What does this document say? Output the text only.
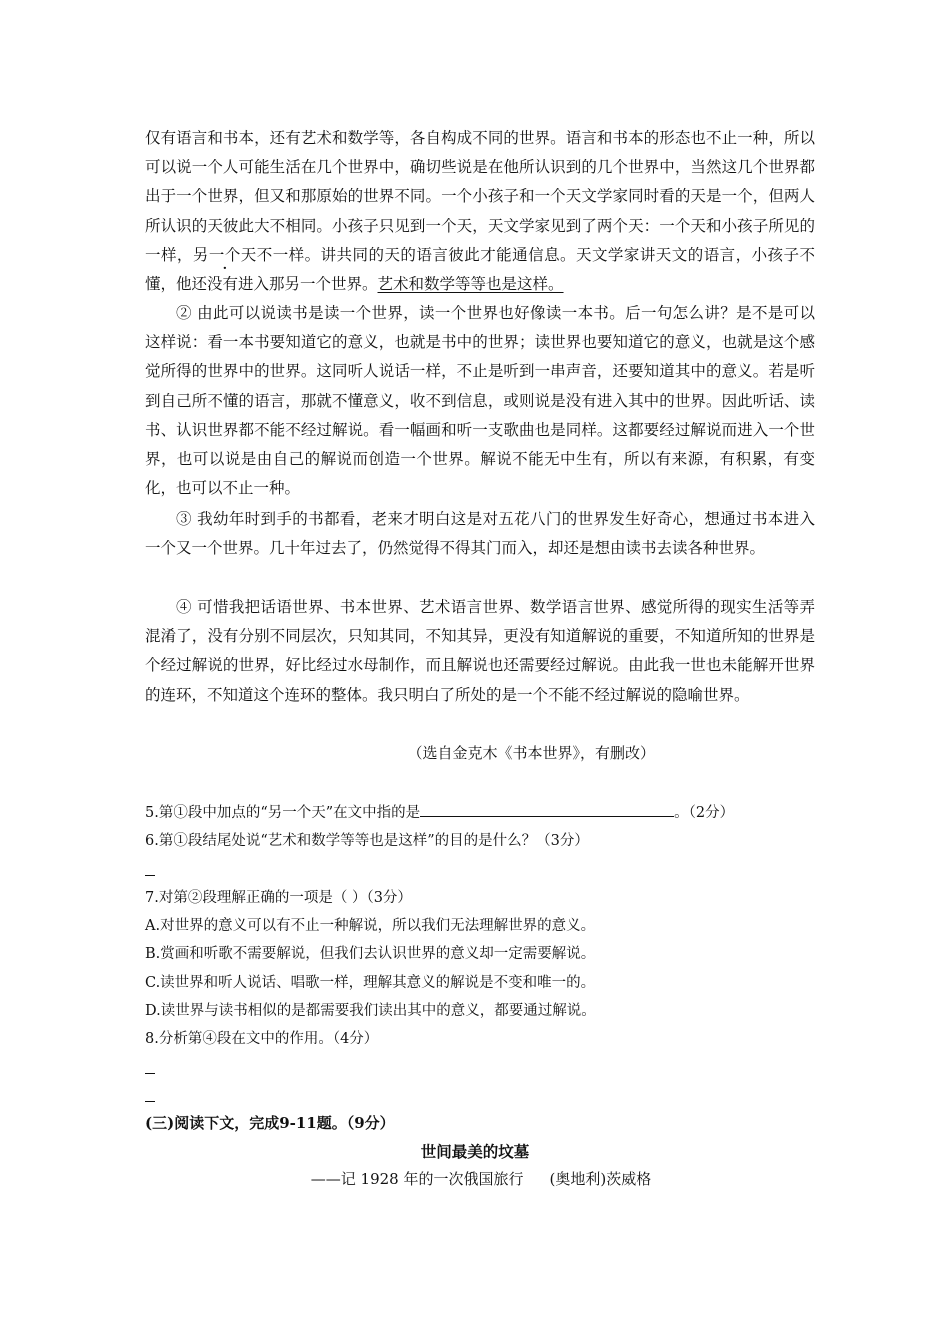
仅有语言和书本，还有艺术和数学等，各自构成不同的世界。语言和书本的形态也不止一种，所以可以说一个人可能生活在几个世界中，确切些说是在他所认识到的几个世界中，当然这几个世界都出于一个世界，但又和那原始的世界不同。一个小孩子和一个天文学家同时看的天是一个，但两人所认识的天彼此大不相同。小孩子只见到一个天，天文学家见到了两个天：一个天和小孩子所见的一样，另一个天不一样。讲共同的天的语言彼此才能通信息。天文学家讲天文的语言，小孩子不懂，他还没有进入那另一个世界。艺术和数学等等也是这样。

② 由此可以说读书是读一个世界，读一个世界也好像读一本书。后一句怎么讲？是不是可以这样说：看一本书要知道它的意义，也就是书中的世界；读世界也要知道它的意义，也就是这个感觉所得的世界中的世界。这同听人说话一样，不止是听到一串声音，还要知道其中的意义。若是听到自己所不懂的语言，那就不懂意义，收不到信息，或则说是没有进入其中的世界。因此听话、读书、认识世界都不能不经过解说。看一幅画和听一支歌曲也是同样。这都要经过解说而进入一个世界，也可以说是由自己的解说而创造一个世界。解说不能无中生有，所以有来源，有积累，有变化，也可以不止一种。

③ 我幼年时到手的书都看，老来才明白这是对五花八门的世界发生好奇心，想通过书本进入一个又一个世界。几十年过去了，仍然觉得不得其门而入，却还是想由读书去读各种世界。

④ 可惜我把话语世界、书本世界、艺术语言世界、数学语言世界、感觉所得的现实生活等弄混淆了，没有分别不同层次，只知其同，不知其异，更没有知道解说的重要，不知道所知的世界是个经过解说的世界，好比经过水母制作，而且解说也还需要经过解说。由此我一世也未能解开世界的连环，不知道这个连环的整体。我只明白了所处的是一个不能不经过解说的隐喻世界。

（选自金克木《书本世界》，有删改）
5.第①段中加点的“另一个天”在文中指的是	。（2分）
6.第①段结尾处说“艺术和数学等等也是这样”的目的是什么？（3分）
7.对第②段理解正确的一项是（ ）（3分）
A.对世界的意义可以有不止一种解说，所以我们无法理解世界的意义。
B.赏画和听歌不需要解说，但我们去认识世界的意义却一定需要解说。
C.读世界和听人说话、唱歌一样，理解其意义的解说是不变和唯一的。
D.读世界与读书相似的是都需要我们读出其中的意义，都要通过解说。
8.分析第④段在文中的作用。（4分）
(三)阅读下文，完成9-11题。（9分）
世间最美的坟墓
——记 1928 年的一次俄国旅行 (奥地利)茨威格
